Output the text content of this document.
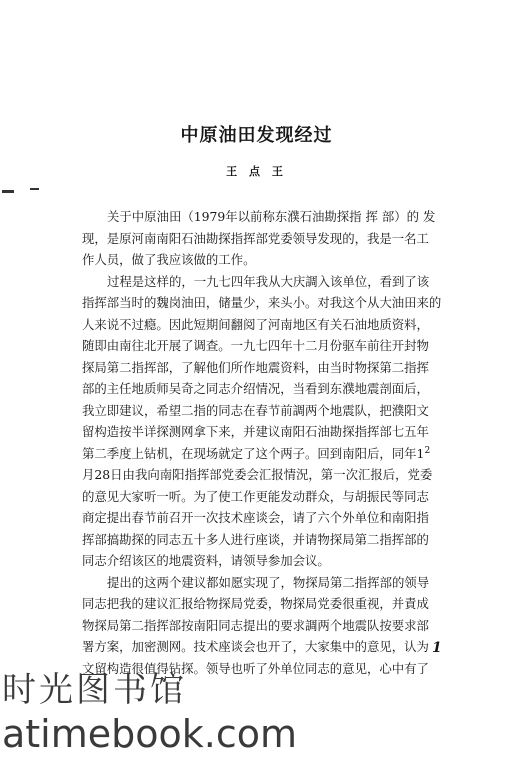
中原油田发现经过
王 点 王
关于中原油田（1979年以前称东濮石油勘探指 挥 部）的 发
现，是原河南南阳石油勘探指挥部党委领导发现的，我是一名工
作人员，做了我应该做的工作。
过程是这样的，一九七四年我从大庆調入该单位，看到了该
指挥部当时的魏岗油田，储量少，来头小。对我这个从大油田来的
人来说不过瘾。因此短期间翻阅了河南地区有关石油地质资料，
随即由南往北开展了调查。一九七四年十二月份驱车前往开封物
探局第二指挥部，了解他们所作地震资料，由当时物探第二指挥
部的主任地质师吴奇之同志介绍情况，当看到东濮地震剖面后，
我立即建议，希望二指的同志在春节前調两个地震队，把濮阳文
留构造按半详探测网拿下来，并建议南阳石油勘探指挥部七五年
第二季度上钻机，在现场就定了这个两子。回到南阳后，同年1$^2$
月28日由我向南阳指挥部党委会汇报情況，第一次汇报后，党委
的意见大家听一听。为了使工作更能发动群众，与胡振民等同志
商定提出春节前召开一次技术座谈会，请了六个外单位和南阳指
挥部搞勘探的同志五十多人进行座谈，并请物探局第二指挥部的
同志介绍该区的地震资料，请领导参加会议。
提出的这两个建议都如愿实现了，物探局第二指挥部的领导
同志把我的建议汇报给物探局党委，物探局党委很重视，并責成
物探局第二指挥部按南阳同志提出的要求調两个地震队按要求部
署方案，加密测网。技术座谈会也开了，大家集中的意见，认为
文留构造很值得钻探。领导也听了外单位同志的意见，心中有了
1
时光图书馆
atimebook.com
